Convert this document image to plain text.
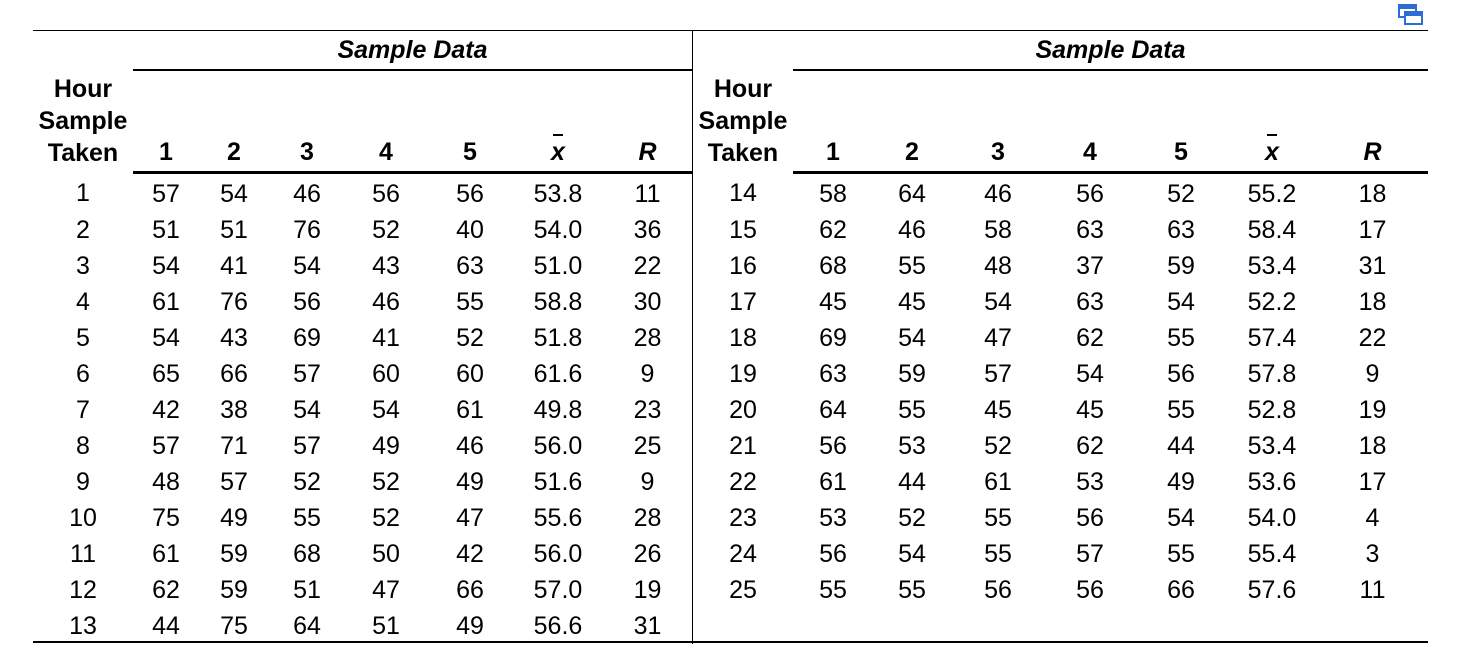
Hour
Sample
Taken	Sample Data						
	1	2	3	4	5	x	R
1	57	54	46	56	56	53.8	11
2	51	51	76	52	40	54.0	36
3	54	41	54	43	63	51.0	22
4	61	76	56	46	55	58.8	30
5	54	43	69	41	52	51.8	28
6	65	66	57	60	60	61.6	9
7	42	38	54	54	61	49.8	23
8	57	71	57	49	46	56.0	25
9	48	57	52	52	49	51.6	9
10	75	49	55	52	47	55.6	28
11	61	59	68	50	42	56.0	26
12	62	59	51	47	66	57.0	19
13	44	75	64	51	49	56.6	31
Hour
Sample
Taken	Sample Data						
	1	2	3	4	5	x	R
14	58	64	46	56	52	55.2	18
15	62	46	58	63	63	58.4	17
16	68	55	48	37	59	53.4	31
17	45	45	54	63	54	52.2	18
18	69	54	47	62	55	57.4	22
19	63	59	57	54	56	57.8	9
20	64	55	45	45	55	52.8	19
21	56	53	52	62	44	53.4	18
22	61	44	61	53	49	53.6	17
23	53	52	55	56	54	54.0	4
24	56	54	55	57	55	55.4	3
25	55	55	56	56	66	57.6	11
